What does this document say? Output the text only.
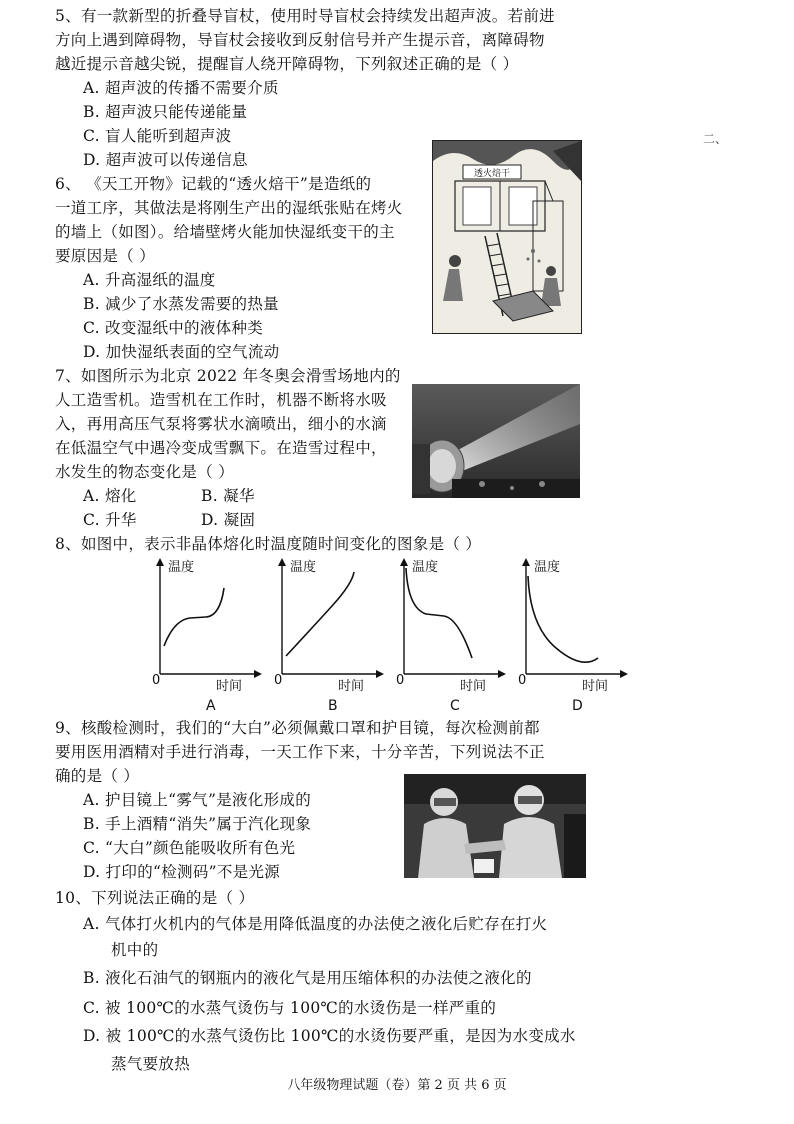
二、
5、有一款新型的折叠导盲杖，使用时导盲杖会持续发出超声波。若前进
方向上遇到障碍物，导盲杖会接收到反射信号并产生提示音，离障碍物
越近提示音越尖锐，提醒盲人绕开障碍物，下列叙述正确的是（ ）
A. 超声波的传播不需要介质
B. 超声波只能传递能量
C. 盲人能听到超声波
D. 超声波可以传递信息
6、 《天工开物》记载的“透火焙干”是造纸的
一道工序，其做法是将刚生产出的湿纸张贴在烤火
的墙上（如图）。给墙壁烤火能加快湿纸变干的主
要原因是（ ）
A. 升高湿纸的温度
B. 减少了水蒸发需要的热量
C. 改变湿纸中的液体种类
D. 加快湿纸表面的空气流动
透火焙干
7、如图所示为北京 2022 年冬奥会滑雪场地内的
人工造雪机。造雪机在工作时，机器不断将水吸
入，再用高压气泵将雾状水滴喷出，细小的水滴
在低温空气中遇冷变成雪飘下。在造雪过程中，
水发生的物态变化是（ ）
A. 熔化	B. 凝华
C. 升华	D. 凝固
8、如图中，表示非晶体熔化时温度随时间变化的图象是（ ）
温度
时间
0
A
温度
时间
0
B
温度
时间
0
C
温度
时间
0
D
9、核酸检测时，我们的“大白”必须佩戴口罩和护目镜，每次检测前都
要用医用酒精对手进行消毒，一天工作下来，十分辛苦，下列说法不正
确的是（ ）
A. 护目镜上“雾气”是液化形成的
B. 手上酒精“消失”属于汽化现象
C. “大白”颜色能吸收所有色光
D. 打印的“检测码”不是光源
10、下列说法正确的是（ ）
A. 气体打火机内的气体是用降低温度的办法使之液化后贮存在打火
机中的
B. 液化石油气的钢瓶内的液化气是用压缩体积的办法使之液化的
C. 被 100℃的水蒸气烫伤与 100℃的水烫伤是一样严重的
D. 被 100℃的水蒸气烫伤比 100℃的水烫伤要严重，是因为水变成水
蒸气要放热
八年级物理试题（卷）第 2 页 共 6 页
